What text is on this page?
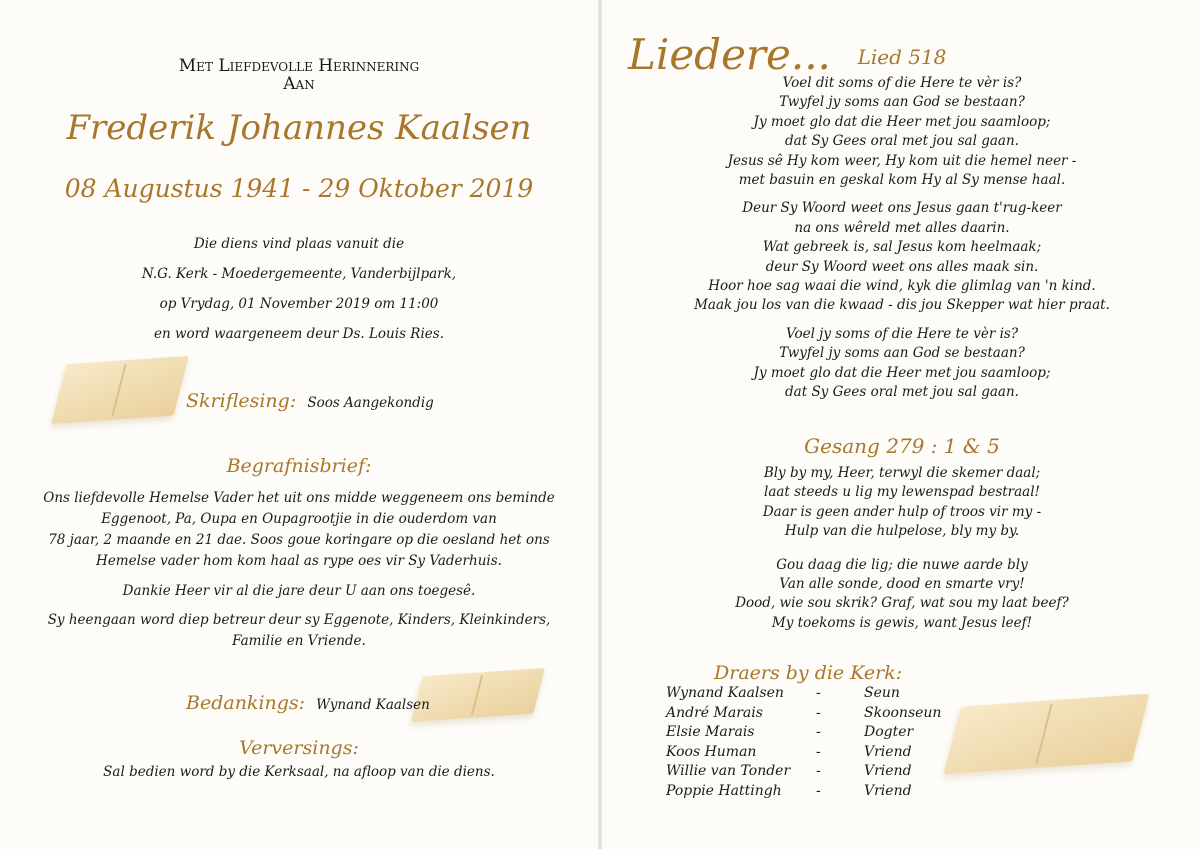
Met Liefdevolle Herinnering
Aan
Frederik Johannes Kaalsen
08 Augustus 1941 - 29 Oktober 2019
Die diens vind plaas vanuit die
N.G. Kerk - Moedergemeente, Vanderbijlpark,
op Vrydag, 01 November 2019 om 11:00
en word waargeneem deur Ds. Louis Ries.
Skriflesing: Soos Aangekondig
Begrafnisbrief:
Ons liefdevolle Hemelse Vader het uit ons midde weggeneem ons beminde
Eggenoot, Pa, Oupa en Oupagrootjie in die ouderdom van
78 jaar, 2 maande en 21 dae. Soos goue koringare op die oesland het ons
Hemelse vader hom kom haal as rype oes vir Sy Vaderhuis.
Dankie Heer vir al die jare deur U aan ons toegesê.
Sy heengaan word diep betreur deur sy Eggenote, Kinders, Kleinkinders,
Familie en Vriende.
Bedankings: Wynand Kaalsen
Verversings:
Sal bedien word by die Kerksaal, na afloop van die diens.
Liedere...	Lied 518
Voel dit soms of die Here te vèr is?
Twyfel jy soms aan God se bestaan?
Jy moet glo dat die Heer met jou saamloop;
dat Sy Gees oral met jou sal gaan.
Jesus sê Hy kom weer, Hy kom uit die hemel neer -
met basuin en geskal kom Hy al Sy mense haal.
Deur Sy Woord weet ons Jesus gaan t'rug-keer
na ons wêreld met alles daarin.
Wat gebreek is, sal Jesus kom heelmaak;
deur Sy Woord weet ons alles maak sin.
Hoor hoe sag waai die wind, kyk die glimlag van 'n kind.
Maak jou los van die kwaad - dis jou Skepper wat hier praat.
Voel jy soms of die Here te vèr is?
Twyfel jy soms aan God se bestaan?
Jy moet glo dat die Heer met jou saamloop;
dat Sy Gees oral met jou sal gaan.
Gesang 279 : 1 & 5
Bly by my, Heer, terwyl die skemer daal;
laat steeds u lig my lewenspad bestraal!
Daar is geen ander hulp of troos vir my -
Hulp van die hulpelose, bly my by.
Gou daag die lig; die nuwe aarde bly
Van alle sonde, dood en smarte vry!
Dood, wie sou skrik? Graf, wat sou my laat beef?
My toekoms is gewis, want Jesus leef!
Draers by die Kerk:
Wynand Kaalsen -	Seun
André Marais	-	Skoonseun
Elsie Marais	-	Dogter
Koos Human	-	Vriend
Willie van Tonder -	Vriend
Poppie Hattingh -	Vriend
